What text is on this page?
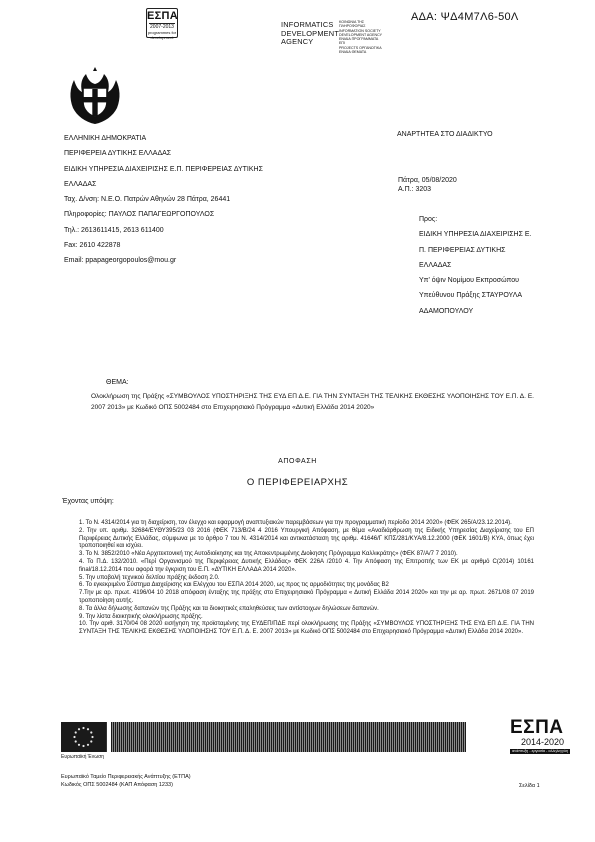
ΕΣΠΑ
2007-2013
programmes for development
INFORMATICS
DEVELOPMENT
AGENCY
ΚΟΙΝΩΝΙΑ ΤΗΣ
ΠΛΗΡΟΦΟΡΙΑΣ
INFORMATION SOCIETY
DEVELOPMENT AGENCY
ΕΝΙΑΙΑ ΠΡΟΓΡΑΜΜΑΤΑ
ΕΠΙ
PROJECTS ΟΡΓΑΝΩΤΙΚΑ
ΕΝΙΑΙΑ ΘΕΜΑΤΑ
ΑΔΑ: ΨΔ4Μ7Λ6-50Λ
ΕΛΛΗΝΙΚΗ ΔΗΜΟΚΡΑΤΙΑ
ΠΕΡΙΦΕΡΕΙΑ ΔΥΤΙΚΗΣ ΕΛΛΑΔΑΣ
ΕΙΔΙΚΗ ΥΠΗΡΕΣΙΑ ΔΙΑΧΕΙΡΙΣΗΣ Ε.Π. ΠΕΡΙΦΕΡΕΙΑΣ ΔΥΤΙΚΗΣ
ΕΛΛΑΔΑΣ
Ταχ. Δ/νση: Ν.Ε.Ο. Πατρών Αθηνών 28 Πάτρα, 26441
Πληροφορίες: ΠΑΥΛΟΣ ΠΑΠΑΓΕΩΡΓΟΠΟΥΛΟΣ
Τηλ.: 2613611415, 2613 611400
Fax: 2610 422878
Email: ppapageorgopoulos@mou.gr
ΑΝΑΡΤΗΤΕΑ ΣΤΟ ΔΙΑΔΙΚΤΥΟ
Πάτρα, 05/08/2020
Α.Π.: 3203
Προς:
ΕΙΔΙΚΗ ΥΠΗΡΕΣΙΑ ΔΙΑΧΕΙΡΙΣΗΣ Ε.
Π. ΠΕΡΙΦΕΡΕΙΑΣ ΔΥΤΙΚΗΣ
ΕΛΛΑΔΑΣ
Υπ' όψιν Νομίμου Εκπροσώπου
Υπεύθυνου Πράξης ΣΤΑΥΡΟΥΛΑ
ΑΔΑΜΟΠΟΥΛΟΥ
ΘΕΜΑ:
Ολοκλήρωση της Πράξης «ΣΥΜΒΟΥΛΟΣ ΥΠΟΣΤΗΡΙΞΗΣ ΤΗΣ ΕΥΔ ΕΠ Δ.Ε. ΓΙΑ ΤΗΝ ΣΥΝΤΑΞΗ ΤΗΣ ΤΕΛΙΚΗΣ ΕΚΘΕΣΗΣ ΥΛΟΠΟΙΗΣΗΣ ΤΟΥ Ε.Π. Δ. Ε. 2007 2013» με Κωδικό ΟΠΣ 5002484 στο Επιχειρησιακό Πρόγραμμα «Δυτική Ελλάδα 2014 2020»
ΑΠΟΦΑΣΗ
Ο ΠΕΡΙΦΕΡΕΙΑΡΧΗΣ
Έχοντας υπόψη:
1. Το Ν. 4314/2014 για τη διαχείριση, τον έλεγχο και εφαρμογή αναπτυξιακών παρεμβάσεων για την προγραμματική περίοδο 2014 2020» (ΦΕΚ 265/Α/23.12.2014).
2. Την υπ. αριθμ. 32684/ΕΥΘΥ395/23 03 2016 (ΦΕΚ 713/Β/24 4 2016 Υπουργική Απόφαση, με θέμα «Αναδιάρθρωση της Ειδικής Υπηρεσίας Διαχείρισης του ΕΠ Περιφέρειας Δυτικής Ελλάδας, σύμφωνα με το άρθρο 7 του Ν. 4314/2014 και αντικατάσταση της αριθμ. 41646/Γ ΚΠΣ/281/ΚΥΑ/8.12.2000 (ΦΕΚ 1601/Β) ΚΥΑ, όπως έχει τροποποιηθεί και ισχύει.
3. Το Ν. 3852/2010 «Νέα Αρχιτεκτονική της Αυτοδιοίκησης και της Αποκεντρωμένης Διοίκησης Πρόγραμμα Καλλικράτης» (ΦΕΚ 87/Α/7 7 2010).
4. Το Π.Δ. 132/2010. «Περί Οργανισμού της Περιφέρειας Δυτικής Ελλάδας» ΦΕΚ 226Α /2010 4. Την Απόφαση της Επιτροπής των ΕΚ με αριθμό C(2014) 10161 final/18.12.2014 που αφορά την έγκριση του Ε.Π. «ΔΥΤΙΚΗ ΕΛΛΑΔΑ 2014 2020».
5. Την υποβολή τεχνικού δελτίου πράξης έκδοση 2.0.
6. Το εγκεκριμένο Σύστημα Διαχείρισης και Ελέγχου του ΕΣΠΑ 2014 2020, ως προς τις αρμοδιότητες της μονάδας Β2
7.Την με αρ. πρωτ. 4196/04 10 2018 απόφαση ένταξης της πράξης στο Επιχειρησιακό Πρόγραμμα « Δυτική Ελλάδα 2014 2020» και την με αρ. πρωτ. 2671/08 07 2019 τροποποίηση αυτής.
8. Τα άλλα δήλωσης δαπανών της Πράξης και τα διοικητικές επαληθεύσεις των αντίστοιχων δηλώσεων δαπανών.
9. Την λίστα διοικητικής ολοκλήρωσης πράξης.
10. Την αριθ. 3170/04 08 2020 εισήγηση της προϊσταμένης της ΕΥΔΕΠ/ΠΔΕ περί ολοκλήρωσης της Πράξης «ΣΥΜΒΟΥΛΟΣ ΥΠΟΣΤΗΡΙΞΗΣ ΤΗΣ ΕΥΔ ΕΠ Δ.Ε. ΓΙΑ ΤΗΝ ΣΥΝΤΑΞΗ ΤΗΣ ΤΕΛΙΚΗΣ ΕΚΘΕΣΗΣ ΥΛΟΠΟΙΗΣΗΣ ΤΟΥ Ε.Π. Δ. Ε. 2007 2013» με Κωδικό ΟΠΣ 5002484 στο Επιχειρησιακό Πρόγραμμα «Δυτική Ελλάδα 2014 2020».
Ευρωπαϊκή Ένωση
ΕΣΠΑ
2014-2020
ανάπτυξη - εργασία - αλληλεγγύη
Ευρωπαϊκό Ταμείο Περιφερειακής Ανάπτυξης (ΕΤΠΑ)
Κωδικός ΟΠΣ 5002484 (ΚΑΠ Απόφαση 1233)	Σελίδα 1
